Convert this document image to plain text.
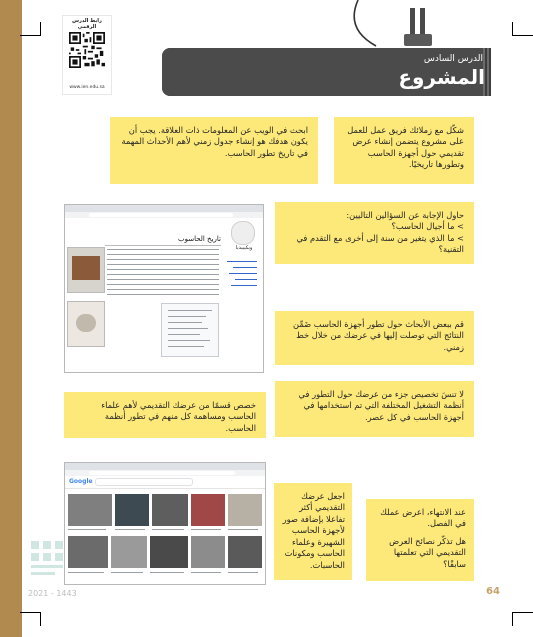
رابط الدرس الرقمي
www.ien.edu.sa
الدرس السادس
المشروع

شكّل مع زملائك فريق عمل للعمل على مشروع يتضمن إنشاء عرض تقديمي حول أجهزة الحاسب وتطورها تاريخيًا.

ابحث في الويب عن المعلومات ذات العلاقة. يجب أن يكون هدفك هو إنشاء جدول زمني لأهم الأحداث المهمة في تاريخ تطور الحاسب.

حاول الإجابة عن السؤالين التاليين:

> ما أجيال الحاسب؟

> ما الذي يتغير من سنة إلى أخرى مع التقدم في التقنية؟

قم ببعض الأبحاث حول تطور أجهزة الحاسب ضَمِّن النتائج التي توصلت إليها في عرضك من خلال خط زمني.

لا تنسَ تخصيص جزء من عرضك حول التطور في أنظمة التشغيل المختلفة التي تم استخدامها في أجهزة الحاسب في كل عصر.

خصص قسمًا من عرضك التقديمي لأهم علماء الحاسب ومساهمة كل منهم في تطور أنظمة الحاسب.

اجعل عرضك التقديمي أكثر تفاعلا بإضافة صور لأجهزة الحاسب الشهيرة وعلماء الحاسب ومكونات الحاسبات.

عند الانتهاء، اعرض عملك في الفصل.

هل تذكّر نصائح العرض التقديمي التي تعلمتها سابقًا؟

ويكيبيديا
تاريخ الحاسوب
Google
2021 - 1443	64
